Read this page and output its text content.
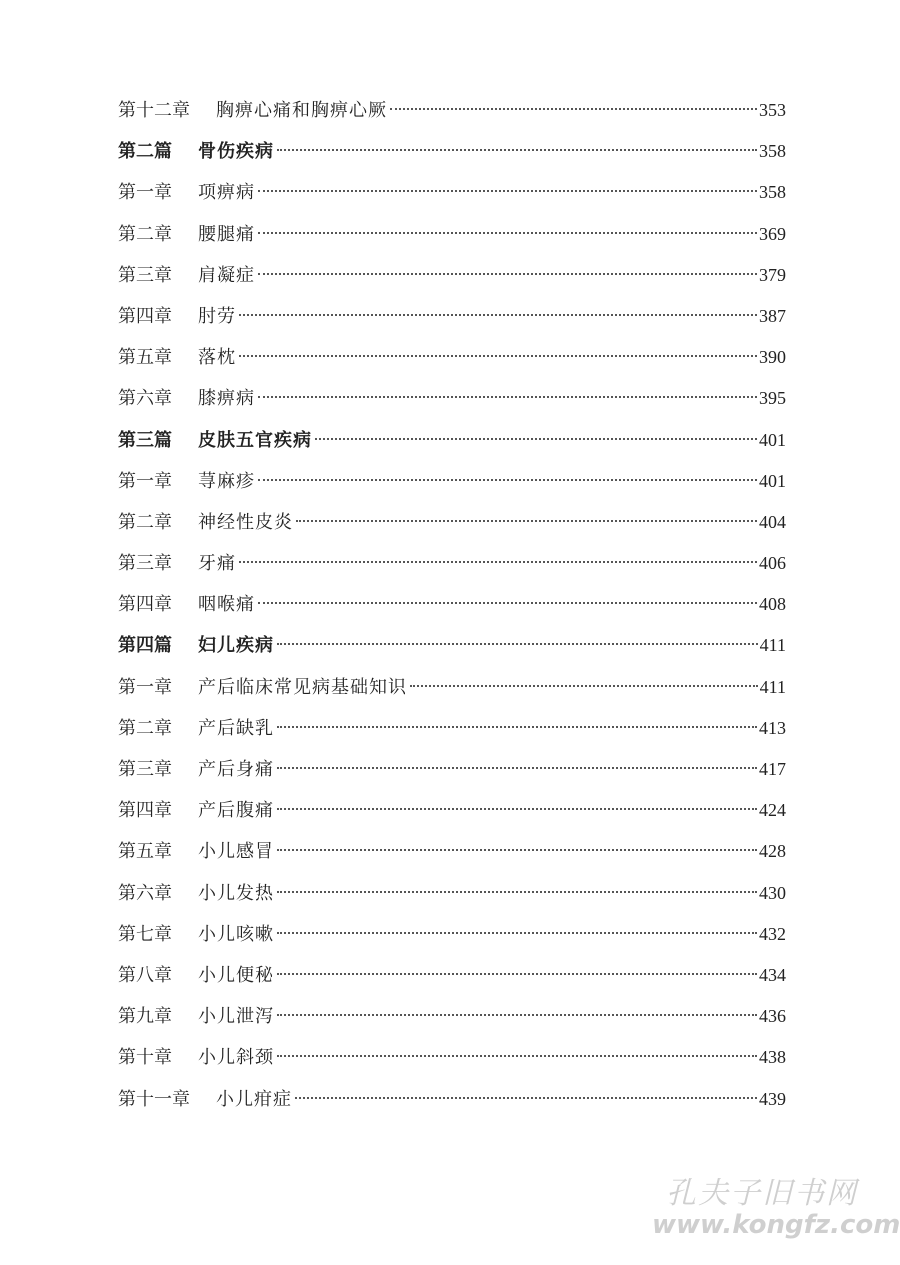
第十二章 胸痹心痛和胸痹心厥	353
第二篇 骨伤疾病	358
第一章 项痹病	358
第二章 腰腿痛	369
第三章 肩凝症	379
第四章 肘劳	387
第五章 落枕	390
第六章 膝痹病	395
第三篇 皮肤五官疾病	401
第一章 荨麻疹	401
第二章 神经性皮炎	404
第三章 牙痛	406
第四章 咽喉痛	408
第四篇 妇儿疾病	411
第一章 产后临床常见病基础知识	411
第二章 产后缺乳	413
第三章 产后身痛	417
第四章 产后腹痛	424
第五章 小儿感冒	428
第六章 小儿发热	430
第七章 小儿咳嗽	432
第八章 小儿便秘	434
第九章 小儿泄泻	436
第十章 小儿斜颈	438
第十一章 小儿疳症	439
孔夫子旧书网
www.kongfz.com
